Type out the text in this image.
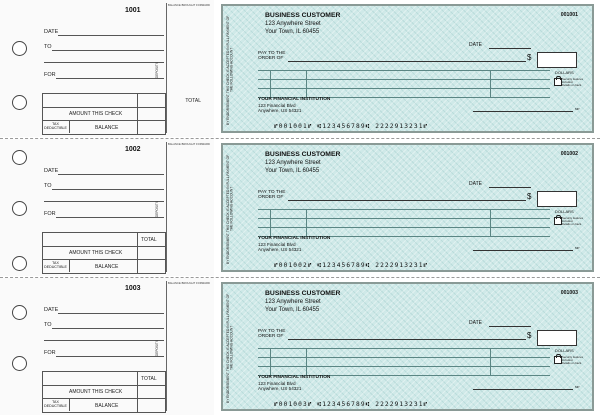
1001
BALANCE BROUGHT FORWARD
DATE
TO
FOR	DEPOSITS
TOTAL
AMOUNT THIS CHECK
BALANCE
TAX
DEDUCTIBLE
BY ENDORSEMENT THIS CHECK IS ACCEPTED IN FULL PAYMENT OF THE FOLLOWING ACCOUNT
BUSINESS CUSTOMER
123 Anywhere Street
Your Town, IL 60455
001001
DATE
PAY TO THE
ORDER OF	$
DOLLARS
Security features
included.
Details on back.
YOUR FINANCIAL INSTITUTION
123 Financial Blvd
Anywhere, US 54321	MP
⑈001001⑈ ⑆123456789⑆ 2222913231⑈
1002
BALANCE BROUGHT FORWARD
DATE
TO
FOR	DEPOSITS
TOTAL
AMOUNT THIS CHECK
BALANCE
TAX
DEDUCTIBLE
BY ENDORSEMENT THIS CHECK IS ACCEPTED IN FULL PAYMENT OF THE FOLLOWING ACCOUNT
BUSINESS CUSTOMER
123 Anywhere Street
Your Town, IL 60455
001002
DATE
PAY TO THE
ORDER OF	$
DOLLARS
Security features
included.
Details on back.
YOUR FINANCIAL INSTITUTION
123 Financial Blvd
Anywhere, US 54321	MP
⑈001002⑈ ⑆123456789⑆ 2222913231⑈
1003
BALANCE BROUGHT FORWARD
DATE
TO
FOR	DEPOSITS
TOTAL
AMOUNT THIS CHECK
BALANCE
TAX
DEDUCTIBLE
BY ENDORSEMENT THIS CHECK IS ACCEPTED IN FULL PAYMENT OF THE FOLLOWING ACCOUNT
BUSINESS CUSTOMER
123 Anywhere Street
Your Town, IL 60455
001003
DATE
PAY TO THE
ORDER OF	$
DOLLARS
Security features
included.
Details on back.
YOUR FINANCIAL INSTITUTION
123 Financial Blvd
Anywhere, US 54321	MP
⑈001003⑈ ⑆123456789⑆ 2222913231⑈
